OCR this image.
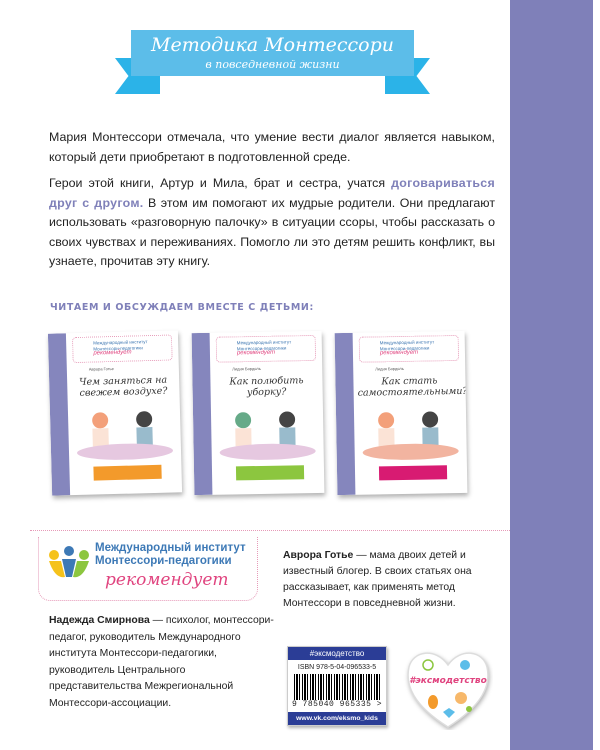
Методика Монтессори
в повседневной жизни

Мария Монтессори отмечала, что умение вести диалог является навыком, который дети приобретают в подготовленной среде.

Герои этой книги, Артур и Мила, брат и сестра, учатся договариваться друг с другом. В этом им помогают их мудрые родители. Они предлагают использовать «разговорную палочку» в ситуации ссоры, чтобы рассказать о своих чувствах и переживаниях. Помогло ли это детям решить конфликт, вы узнаете, прочитав эту книгу.

ЧИТАЕМ И ОБСУЖДАЕМ ВМЕСТЕ С ДЕТЬМИ:
Международный институт
Монтессори-педагогики
рекомендует
Аврора Готье
Чем заняться на свежем воздухе?
Международный институт
Монтессори-педагогики
рекомендует
Лидия Бордоль
Как полюбить уборку?
Международный институт
Монтессори-педагогики
рекомендует
Лидия Бордоль
Как стать самостоятельными?
Международный институт
Монтессори-педагогики
рекомендует

Надежда Смирнова — психолог, монтессори-педагог, руководитель Международного института Монтессори-педагогики, руководитель Центрального представительства Межрегиональной Монтессори-ассоциации.

Аврора Готье — мама двоих детей и известный блогер. В своих статьях она рассказывает, как применять метод Монтессори в повседневной жизни.

#эксмодетство
ISBN 978-5-04-096533-5
9 785040 965335 >
www.vk.com/eksmo_kids
#эксмодетство
